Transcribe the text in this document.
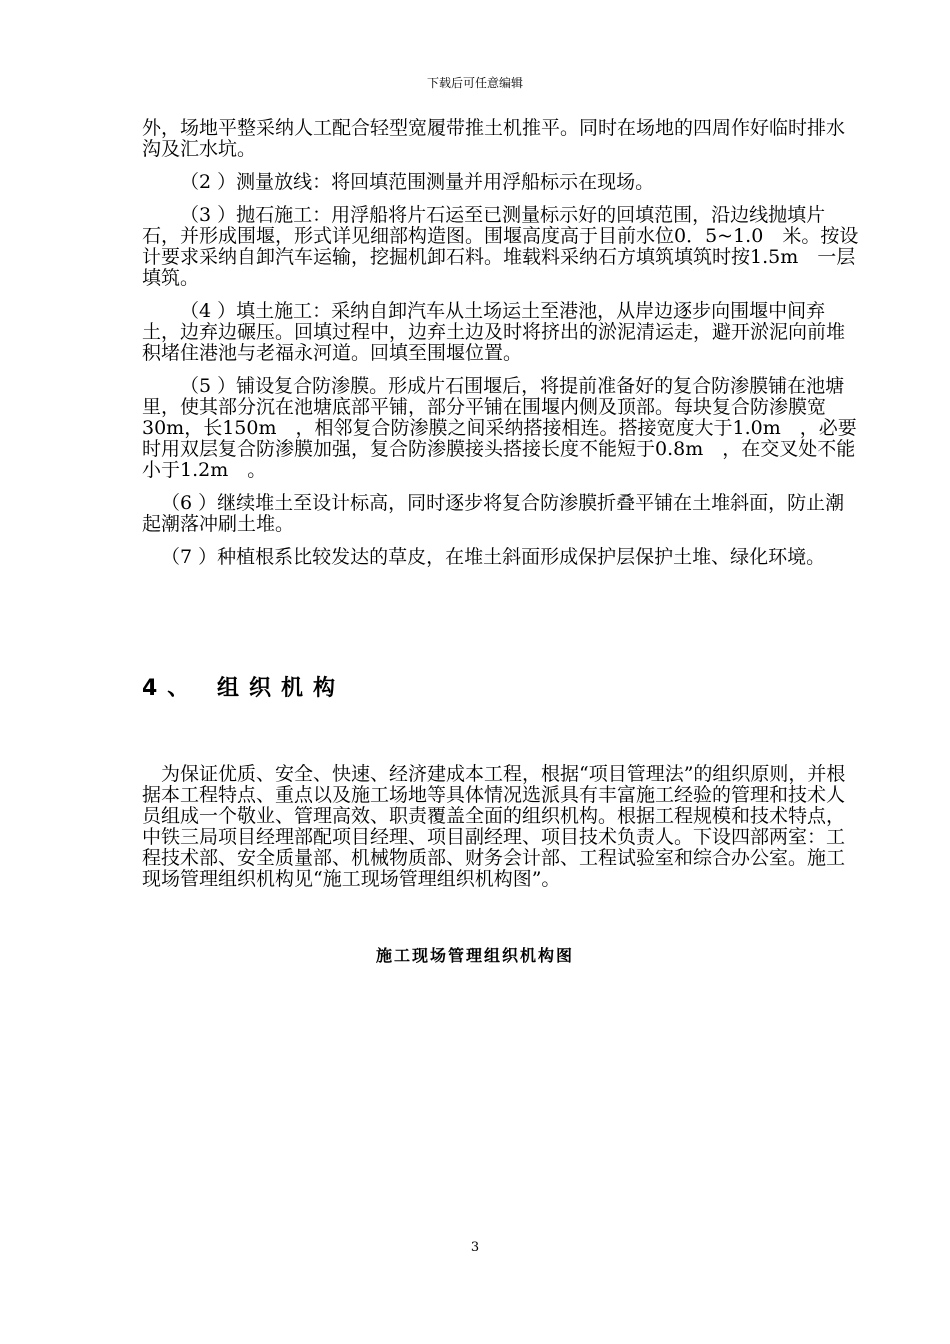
下载后可任意编辑

外，场地平整采纳人工配合轻型宽履带推土机推平。同时在场地的四周作好临时排水沟及汇水坑。

（2 ）测量放线：将回填范围测量并用浮船标示在现场。

（3 ）抛石施工：用浮船将片石运至已测量标示好的回填范围，沿边线抛填片石，并形成围堰，形式详见细部构造图。围堰高度高于目前水位0．5~1.0　米。按设计要求采纳自卸汽车运输，挖掘机卸石料。堆载料采纳石方填筑填筑时按1.5m　一层填筑。

（4 ）填土施工：采纳自卸汽车从土场运土至港池，从岸边逐步向围堰中间弃土，边弃边碾压。回填过程中，边弃土边及时将挤出的淤泥清运走，避开淤泥向前堆积堵住港池与老福永河道。回填至围堰位置。

（5 ）铺设复合防渗膜。形成片石围堰后，将提前准备好的复合防渗膜铺在池塘里，使其部分沉在池塘底部平铺，部分平铺在围堰内侧及顶部。每块复合防渗膜宽30m，长150m　，相邻复合防渗膜之间采纳搭接相连。搭接宽度大于1.0m　，必要时用双层复合防渗膜加强，复合防渗膜接头搭接长度不能短于0.8m　，在交叉处不能小于1.2m　。

（6 ）继续堆土至设计标高，同时逐步将复合防渗膜折叠平铺在土堆斜面，防止潮起潮落冲刷土堆。

（7 ）种植根系比较发达的草皮，在堆土斜面形成保护层保护土堆、绿化环境。

4、 组织机构

为保证优质、安全、快速、经济建成本工程，根据“项目管理法”的组织原则，并根据本工程特点、重点以及施工场地等具体情况选派具有丰富施工经验的管理和技术人员组成一个敬业、管理高效、职责覆盖全面的组织机构。根据工程规模和技术特点，中铁三局项目经理部配项目经理、项目副经理、项目技术负责人。下设四部两室：工程技术部、安全质量部、机械物质部、财务会计部、工程试验室和综合办公室。施工现场管理组织机构见“施工现场管理组织机构图”。

施工现场管理组织机构图
3
